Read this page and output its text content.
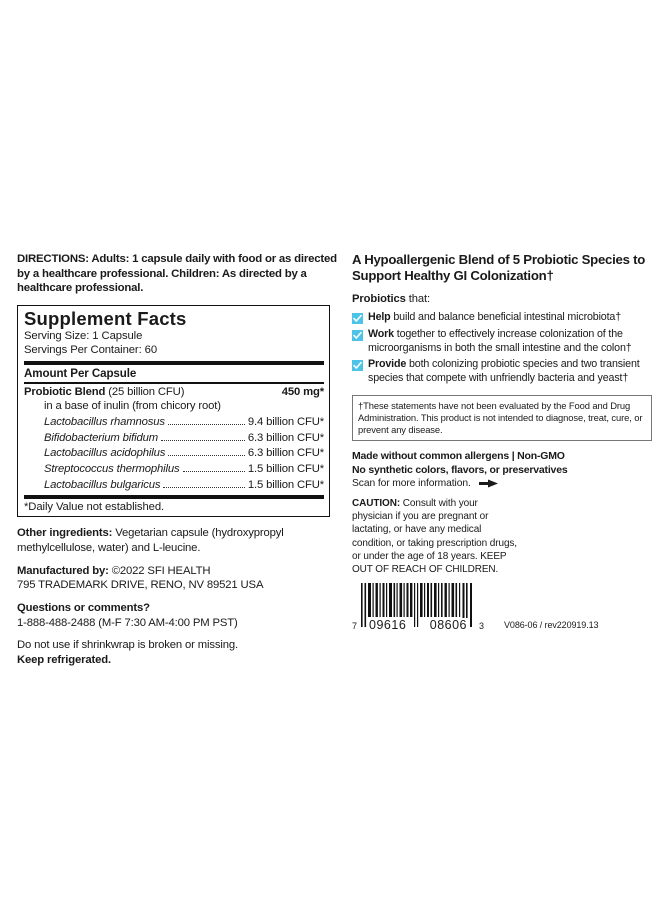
DIRECTIONS: Adults: 1 capsule daily with food or as directed by a healthcare professional. Children: As directed by a healthcare professional.
Supplement Facts
Serving Size: 1 Capsule
Servings Per Container: 60
Amount Per Capsule
Probiotic Blend
(25 billion CFU)	450 mg*
in a base of inulin (from chicory root)
Lactobacillus rhamnosus	9.4 billion CFU*
Bifidobacterium bifidum	6.3 billion CFU*
Lactobacillus acidophilus	6.3 billion CFU*
Streptococcus thermophilus	1.5 billion CFU*
Lactobacillus bulgaricus	1.5 billion CFU*
*Daily Value not established.

Other ingredients: Vegetarian capsule (hydroxypropyl methylcellulose, water) and L-leucine.

Manufactured by: ©2022 SFI HEALTH
795 TRADEMARK DRIVE, RENO, NV 89521 USA

Questions or comments?
1-888-488-2488 (M-F 7:30 AM-4:00 PM PST)

Do not use if shrinkwrap is broken or missing.
Keep refrigerated.

A Hypoallergenic Blend of 5 Probiotic Species to Support Healthy GI Colonization†
Probiotics that:
Help build and balance beneficial intestinal microbiota†
Work together to effectively increase colonization of the microorganisms in both the small intestine and the colon†
Provide both colonizing probiotic species and two transient species that compete with unfriendly bacteria and yeast†
†These statements have not been evaluated by the Food and Drug Administration. This product is not intended to diagnose, treat, cure, or prevent any disease.
Made without common allergens | Non-GMO
No synthetic colors, flavors, or preservatives
Scan for more information.
CAUTION: Consult with your physician if you are pregnant or lactating, or have any medical condition, or taking prescription drugs, or under the age of 18 years. KEEP OUT OF REACH OF CHILDREN.
7 09616 08606 3 V086-06 / rev220919.13
